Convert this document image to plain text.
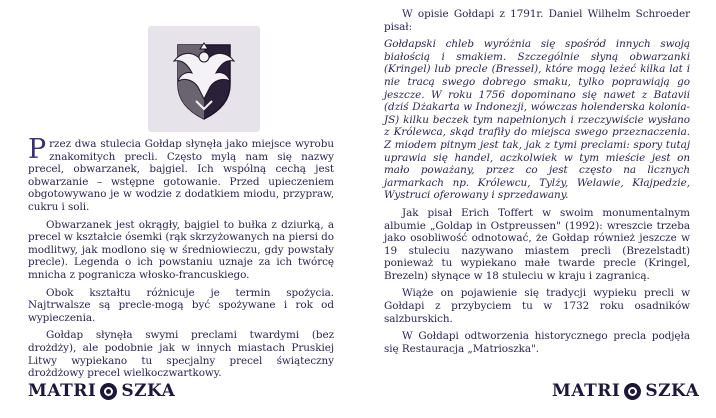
Przez dwa stulecia Gołdap słynęła jako miejsce wyrobu znakomitych precli. Często mylą nam się nazwy precel, obwarzanek, bajgiel. Ich wspólną cechą jest obwarzanie – wstępne gotowanie. Przed upieczeniem obgotowywano je w wodzie z dodatkiem miodu, przypraw, cukru i soli.

Obwarzanek jest okrągły, bajgiel to bułka z dziurką, a precel w kształcie ósemki (rąk skrzyżowanych na piersi do modlitwy, jak modlono się w średniowieczu, gdy powstały precle). Legenda o ich powstaniu uznaje za ich twórcę mnicha z pogranicza włosko-francuskiego.

Obok kształtu różnicuje je termin spożycia. Najtrwalsze są precle-mogą być spożywane i rok od wypieczenia.

Gołdap słynęła swymi preclami twardymi (bez drożdży), ale podobnie jak w innych miastach Pruskiej Litwy wypiekano tu specjalny precel świąteczny drożdżowy precel wielkoczwartkowy.

MATRI SZKA

W opisie Gołdapi z 1791r. Daniel Wilhelm Schroeder pisał:

Gołdapski chleb wyróżnia się spośród innych swoją białością i smakiem. Szczególnie słyną obwarzanki (Kringel) lub precle (Bressel), które mogą leżeć kilka lat i nie tracą swego dobrego smaku, tylko poprawiają go jeszcze. W roku 1756 dopominano się nawet z Batavii (dziś Dżakarta w Indonezji, wówczas holenderska kolonia-JS) kilku beczek tym napełnionych i rzeczywiście wysłano z Królewca, skąd trafiły do miejsca swego przeznaczenia. Z miodem pitnym jest tak, jak z tymi preclami: spory tutaj uprawia się handel, aczkolwiek w tym mieście jest on mało poważany, przez co jest często na licznych jarmarkach np. Królewcu, Tylży, Welawie, Kłajpedzie, Wystruci oferowany i sprzedawany.

Jak pisał Erich Toffert w swoim monumentalnym albumie „Goldap in Ostpreussen" (1992): wreszcie trzeba jako osobliwość odnotować, że Gołdap również jeszcze w 19 stuleciu nazywano miastem precli (Brezelstadt) ponieważ tu wypiekano małe twarde precle (Kringel, Brezeln) słynące w 18 stuleciu w kraju i zagranicą.

Wiąże on pojawienie się tradycji wypieku precli w Gołdapi z przybyciem tu w 1732 roku osadników salzburskich.

W Gołdapi odtworzenia historycznego precla podjęła się Restauracja „Matrioszka".

MATRI SZKA
